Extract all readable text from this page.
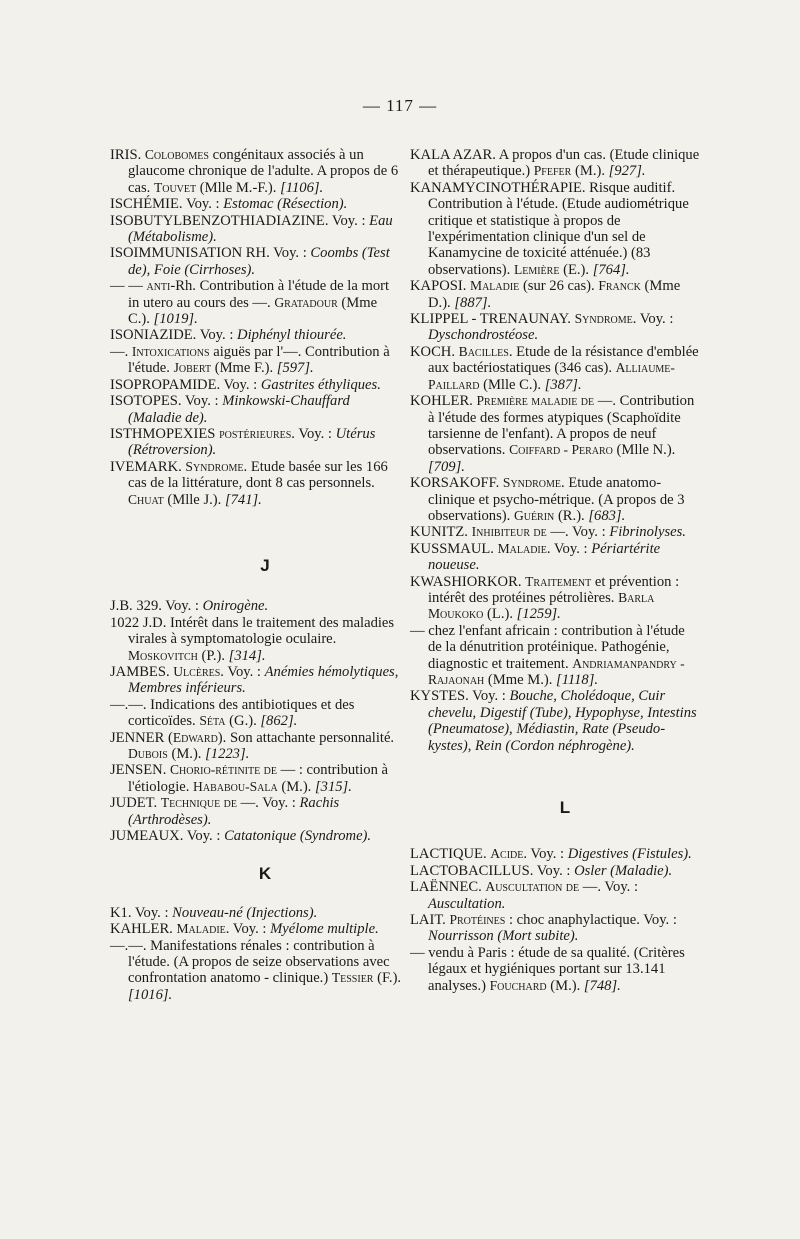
— 117 —

IRIS. Colobomes congénitaux associés à un glaucome chronique de l'adulte. A propos de 6 cas. Touvet (Mlle M.-F.). [1106].

ISCHÉMIE. Voy. : Estomac (Résection).

ISOBUTYLBENZOTHIADIAZINE. Voy. : Eau (Métabolisme).

ISOIMMUNISATION RH. Voy. : Coombs (Test de), Foie (Cirrhoses).

— — anti-Rh. Contribution à l'étude de la mort in utero au cours des —. Gratadour (Mme C.). [1019].

ISONIAZIDE. Voy. : Diphényl thiourée.

—. Intoxications aiguës par l'—. Contribution à l'étude. Jobert (Mme F.). [597].

ISOPROPAMIDE. Voy. : Gastrites éthyliques.

ISOTOPES. Voy. : Minkowski-Chauffard (Maladie de).

ISTHMOPEXIES postérieures. Voy. : Utérus (Rétroversion).

IVEMARK. Syndrome. Etude basée sur les 166 cas de la littérature, dont 8 cas personnels. Chuat (Mlle J.). [741].

J

J.B. 329. Voy. : Onirogène.

1022 J.D. Intérêt dans le traitement des maladies virales à symptomatologie oculaire. Moskovitch (P.). [314].

JAMBES. Ulcères. Voy. : Anémies hémolytiques, Membres inférieurs.

—.—. Indications des antibiotiques et des corticoïdes. Séta (G.). [862].

JENNER (Edward). Son attachante personnalité. Dubois (M.). [1223].

JENSEN. Chorio-rétinite de — : contribution à l'étiologie. Hababou-Sala (M.). [315].

JUDET. Technique de —. Voy. : Rachis (Arthrodèses).

JUMEAUX. Voy. : Catatonique (Syndrome).

K

K1. Voy. : Nouveau-né (Injections).

KAHLER. Maladie. Voy. : Myélome multiple.

—.—. Manifestations rénales : contribution à l'étude. (A propos de seize observations avec confrontation anatomo - clinique.) Tessier (F.). [1016].

KALA AZAR. A propos d'un cas. (Etude clinique et thérapeutique.) Pfefer (M.). [927].

KANAMYCINOTHÉRAPIE. Risque auditif. Contribution à l'étude. (Etude audiométrique critique et statistique à propos de l'expérimentation clinique d'un sel de Kanamycine de toxicité atténuée.) (83 observations). Lemière (E.). [764].

KAPOSI. Maladie (sur 26 cas). Franck (Mme D.). [887].

KLIPPEL - TRENAUNAY. Syndrome. Voy. : Dyschondrostéose.

KOCH. Bacilles. Etude de la résistance d'emblée aux bactériostatiques (346 cas). Alliaume-Paillard (Mlle C.). [387].

KOHLER. Première maladie de —. Contribution à l'étude des formes atypiques (Scaphoïdite tarsienne de l'enfant). A propos de neuf observations. Coiffard - Peraro (Mlle N.). [709].

KORSAKOFF. Syndrome. Etude anatomo-clinique et psycho-métrique. (A propos de 3 observations). Guérin (R.). [683].

KUNITZ. Inhibiteur de —. Voy. : Fibrinolyses.

KUSSMAUL. Maladie. Voy. : Périartérite noueuse.

KWASHIORKOR. Traitement et prévention : intérêt des protéines pétrolières. Barla Moukoko (L.). [1259].

— chez l'enfant africain : contribution à l'étude de la dénutrition protéinique. Pathogénie, diagnostic et traitement. Andriamanpandry - Rajaonah (Mme M.). [1118].

KYSTES. Voy. : Bouche, Cholédoque, Cuir chevelu, Digestif (Tube), Hypophyse, Intestins (Pneumatose), Médiastin, Rate (Pseudo-kystes), Rein (Cordon néphrogène).

L

LACTIQUE. Acide. Voy. : Digestives (Fistules).

LACTOBACILLUS. Voy. : Osler (Maladie).

LAËNNEC. Auscultation de —. Voy. : Auscultation.

LAIT. Protéines : choc anaphylactique. Voy. : Nourrisson (Mort subite).

— vendu à Paris : étude de sa qualité. (Critères légaux et hygiéniques portant sur 13.141 analyses.) Fouchard (M.). [748].
